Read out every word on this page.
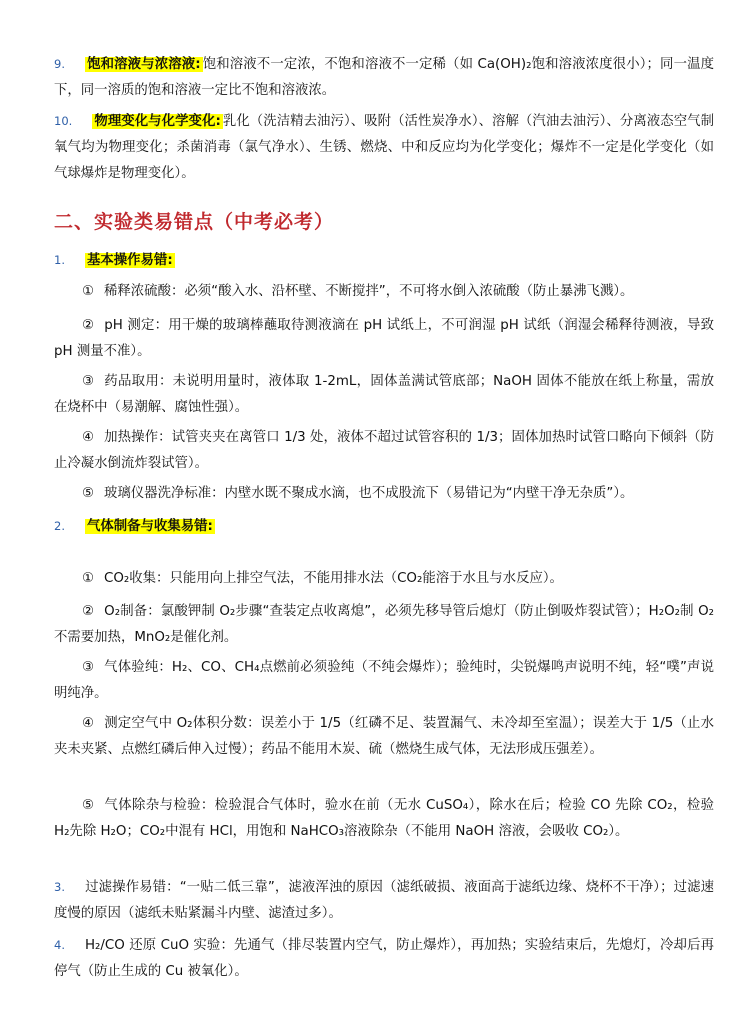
9. 饱和溶液与浓溶液: 饱和溶液不一定浓，不饱和溶液不一定稀（如 Ca(OH)₂饱和溶液浓度很小）；同一温度下，同一溶质的饱和溶液一定比不饱和溶液浓。
10. 物理变化与化学变化: 乳化（洗洁精去油污）、吸附（活性炭净水）、溶解（汽油去油污）、分离液态空气制氧气均为物理变化；杀菌消毒（氯气净水）、生锈、燃烧、中和反应均为化学变化；爆炸不一定是化学变化（如气球爆炸是物理变化）。
二、实验类易错点（中考必考）
1. 基本操作易错:
① 稀释浓硫酸：必须“酸入水、沿杯壁、不断搅拌”，不可将水倒入浓硫酸（防止暴沸飞溅）。
② pH 测定：用干燥的玻璃棒蘸取待测液滴在 pH 试纸上，不可润湿 pH 试纸（润湿会稀释待测液，导致 pH 测量不准）。
③ 药品取用：未说明用量时，液体取 1-2mL，固体盖满试管底部；NaOH 固体不能放在纸上称量，需放在烧杯中（易潮解、腐蚀性强）。
④ 加热操作：试管夹夹在离管口 1/3 处，液体不超过试管容积的 1/3；固体加热时试管口略向下倾斜（防止冷凝水倒流炸裂试管）。
⑤ 玻璃仪器洗净标准：内壁水既不聚成水滴，也不成股流下（易错记为“内壁干净无杂质”）。
2. 气体制备与收集易错:
① CO₂收集：只能用向上排空气法，不能用排水法（CO₂能溶于水且与水反应）。
② O₂制备：氯酸钾制 O₂步骤“查装定点收离熄”，必须先移导管后熄灯（防止倒吸炸裂试管）；H₂O₂制 O₂不需要加热，MnO₂是催化剂。
③ 气体验纯：H₂、CO、CH₄点燃前必须验纯（不纯会爆炸）；验纯时，尖锐爆鸣声说明不纯，轻“噗”声说明纯净。
④ 测定空气中 O₂体积分数：误差小于 1/5（红磷不足、装置漏气、未冷却至室温）；误差大于 1/5（止水夹未夹紧、点燃红磷后伸入过慢）；药品不能用木炭、硫（燃烧生成气体，无法形成压强差）。
⑤ 气体除杂与检验：检验混合气体时，验水在前（无水 CuSO₄），除水在后；检验 CO 先除 CO₂，检验 H₂先除 H₂O；CO₂中混有 HCl，用饱和 NaHCO₃溶液除杂（不能用 NaOH 溶液，会吸收 CO₂）。
3. 过滤操作易错：“一贴二低三靠”，滤液浑浊的原因（滤纸破损、液面高于滤纸边缘、烧杯不干净）；过滤速度慢的原因（滤纸未贴紧漏斗内壁、滤渣过多）。
4. H₂/CO 还原 CuO 实验：先通气（排尽装置内空气，防止爆炸），再加热；实验结束后，先熄灯，冷却后再停气（防止生成的 Cu 被氧化）。
